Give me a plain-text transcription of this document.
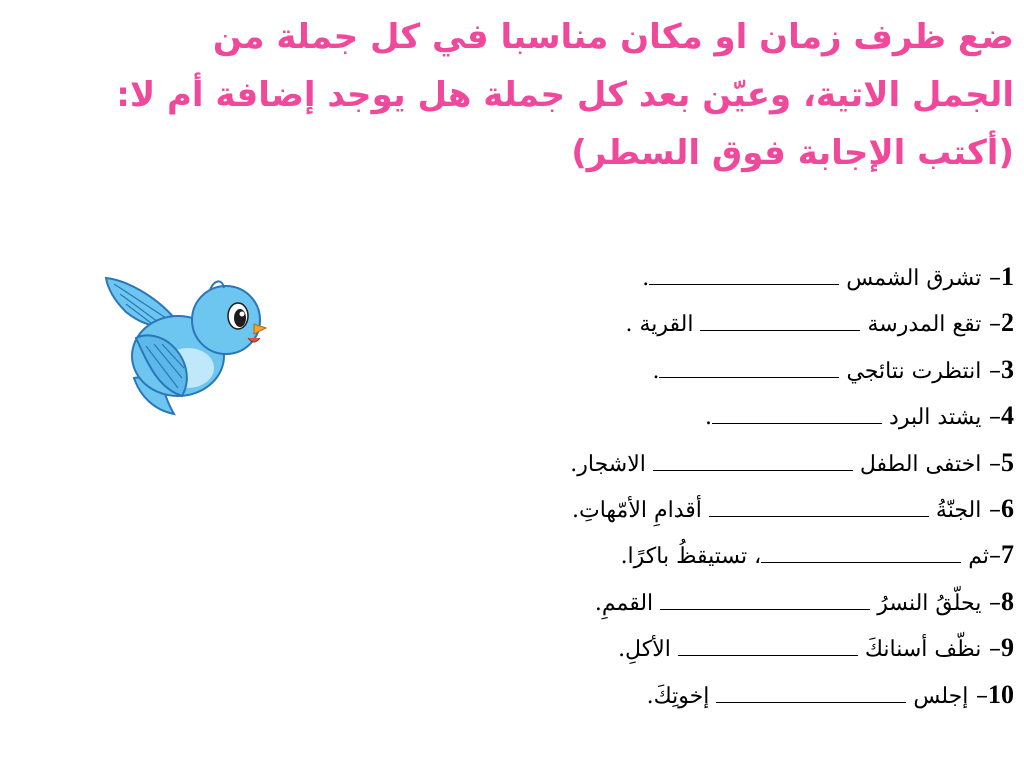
ضع ظرف زمان او مكان مناسبا في كل جملة من الجمل الاتية، وعيّن بعد كل جملة هل يوجد إضافة أم لا: (أكتب الإجابة فوق السطر)
1– تشرق الشمس .
2– تقع المدرسة  القرية .
3– انتظرت نتائجي .
4– يشتد البرد .
5– اختفى الطفل  الاشجار.
6– الجنّةُ  أقدامِ الأمّهاتِ.
7–ثم ، تستيقظُ باكرًا.
8– يحلّقُ النسرُ  القممِ.
9– نظّف أسنانكَ  الأكلِ.
10– إجلس  إخوتِكَ.
